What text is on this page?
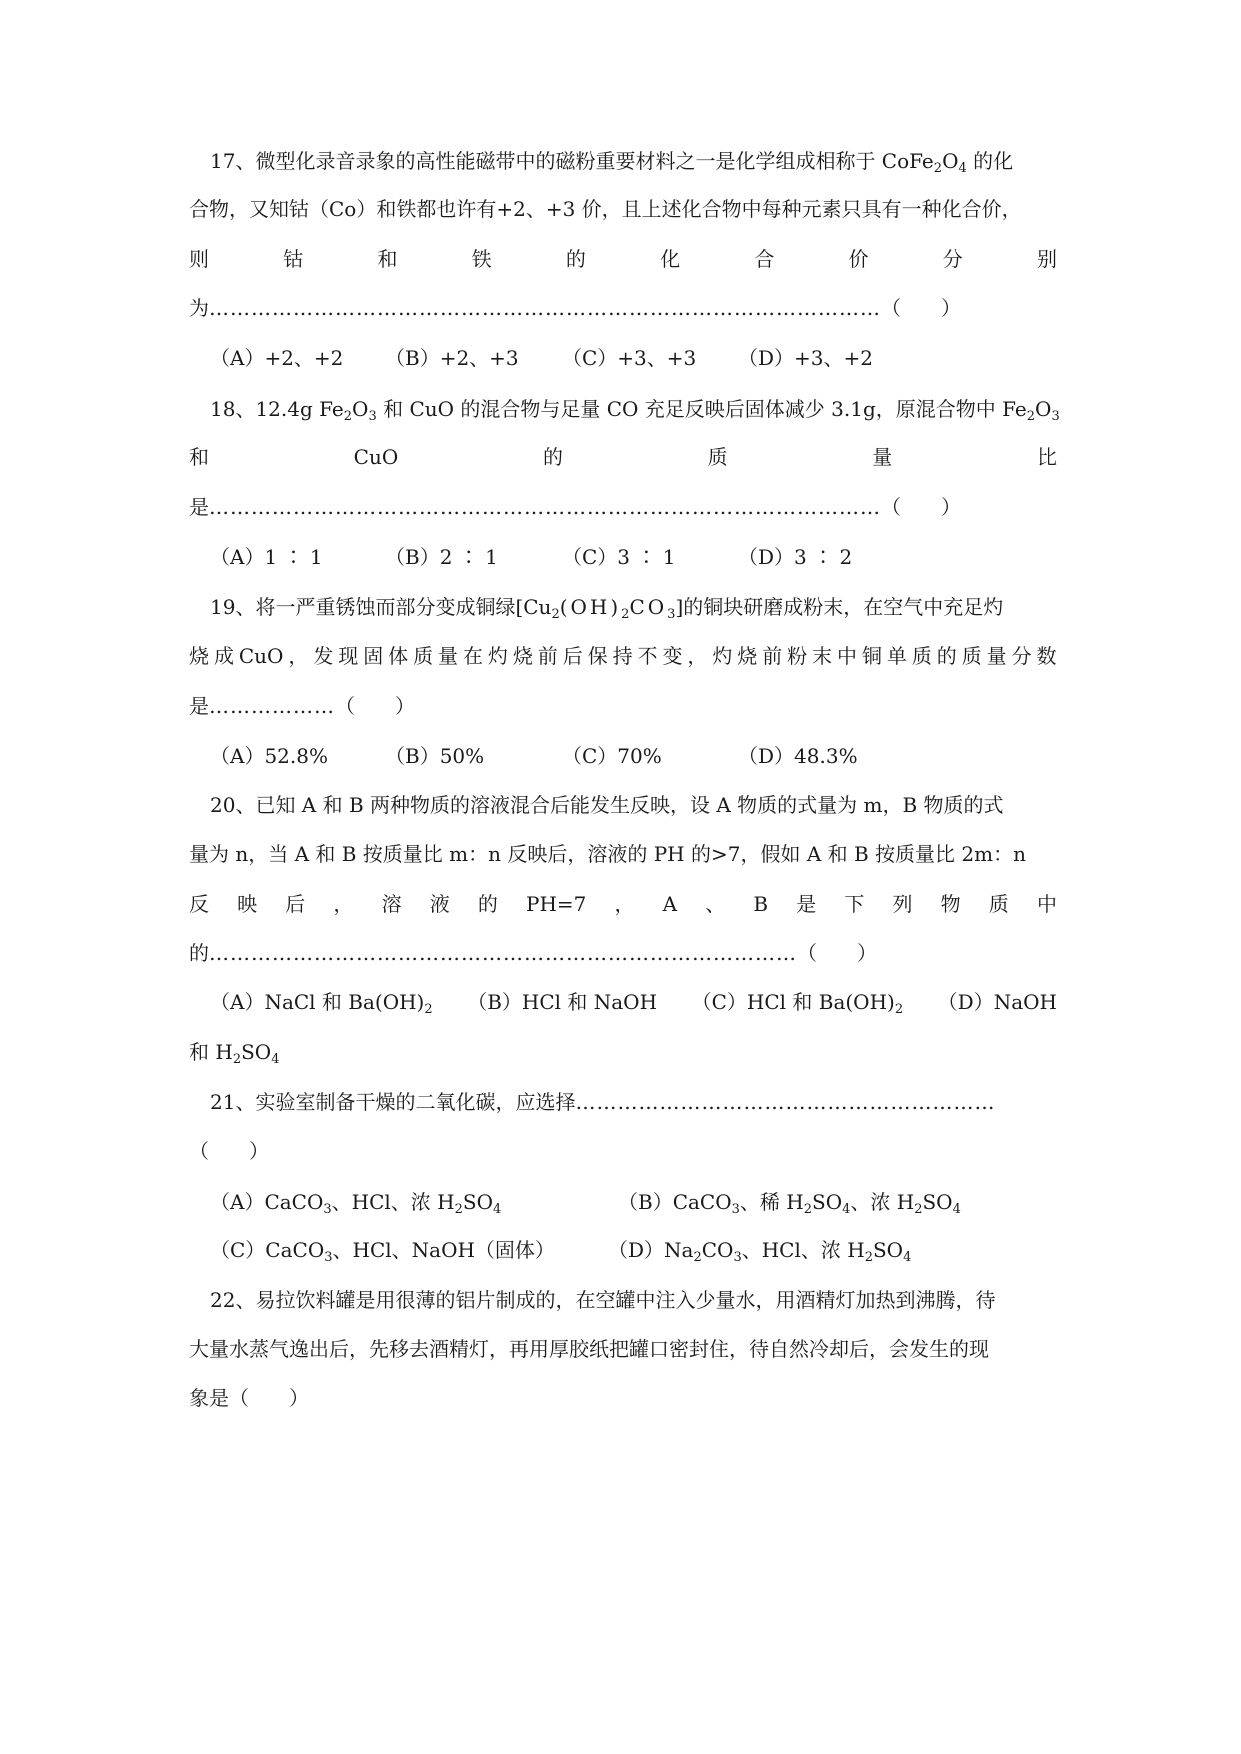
17、微型化录音录象的高性能磁带中的磁粉重要材料之一是化学组成相称于 $CoFe_2O_4$ 的化
合物，又知钴（Co）和铁都也许有+2、+3 价，且上述化合物中每种元素只具有一种化合价，
则	钴	和	铁	的	化	合	价	分	别
为……………………………………………………………………………………（　　）
（A）+2、+2 （B）+2、+3 （C）+3、+3 （D）+3、+2
18、12.4g $Fe_2O_3$ 和 CuO 的混合物与足量 CO 充足反映后固体减少 3.1g，原混合物中 $Fe_2O_3$
和	CuO	的	质	量	比
是……………………………………………………………………………………（　　）
（A）1 ∶ 1	（B）2 ∶ 1	（C）3 ∶ 1	（D）3 ∶ 2
19、将一严重锈蚀而部分变成铜绿$[Cu_2(OH)_2CO_3]$的铜块研磨成粉末，在空气中充足灼
烧 成 CuO ， 发 现 固 体 质 量 在 灼 烧 前 后 保 持 不 变 ， 灼 烧 前 粉 末 中 铜 单 质 的 质 量 分 数
是………………（　　）
（A）52.8%	（B）50%	（C）70%	（D）48.3%
20、已知 A 和 B 两种物质的溶液混合后能发生反映，设 A 物质的式量为 m，B 物质的式
量为 n，当 A 和 B 按质量比 m：n 反映后，溶液的 PH 的>7，假如 A 和 B 按质量比 2m：n
反 映 后 ， 溶 液 的 PH=7 ， A 、 B 是 下 列 物 质 中
的…………………………………………………………………………（　　）
（A）NaCl 和 $Ba(OH)_2$ （B）HCl 和 NaOH （C）HCl 和 $Ba(OH)_2$ （D）NaOH
和 $H_2SO_4$
21、实验室制备干燥的二氧化碳，应选择……………………………………………………
（　　）
（A）CaCO$_3$、HCl、浓 $H_2SO_4$	（B）CaCO$_3$、稀 $H_2SO_4$、浓 $H_2SO_4$
（C）CaCO$_3$、HCl、NaOH（固体）	$(D)Na_2CO_3$、HCl、浓 $H_2SO_4$
22、易拉饮料罐是用很薄的铝片制成的，在空罐中注入少量水，用酒精灯加热到沸腾，待
大量水蒸气逸出后，先移去酒精灯，再用厚胶纸把罐口密封住，待自然冷却后，会发生的现
象是（　　）
